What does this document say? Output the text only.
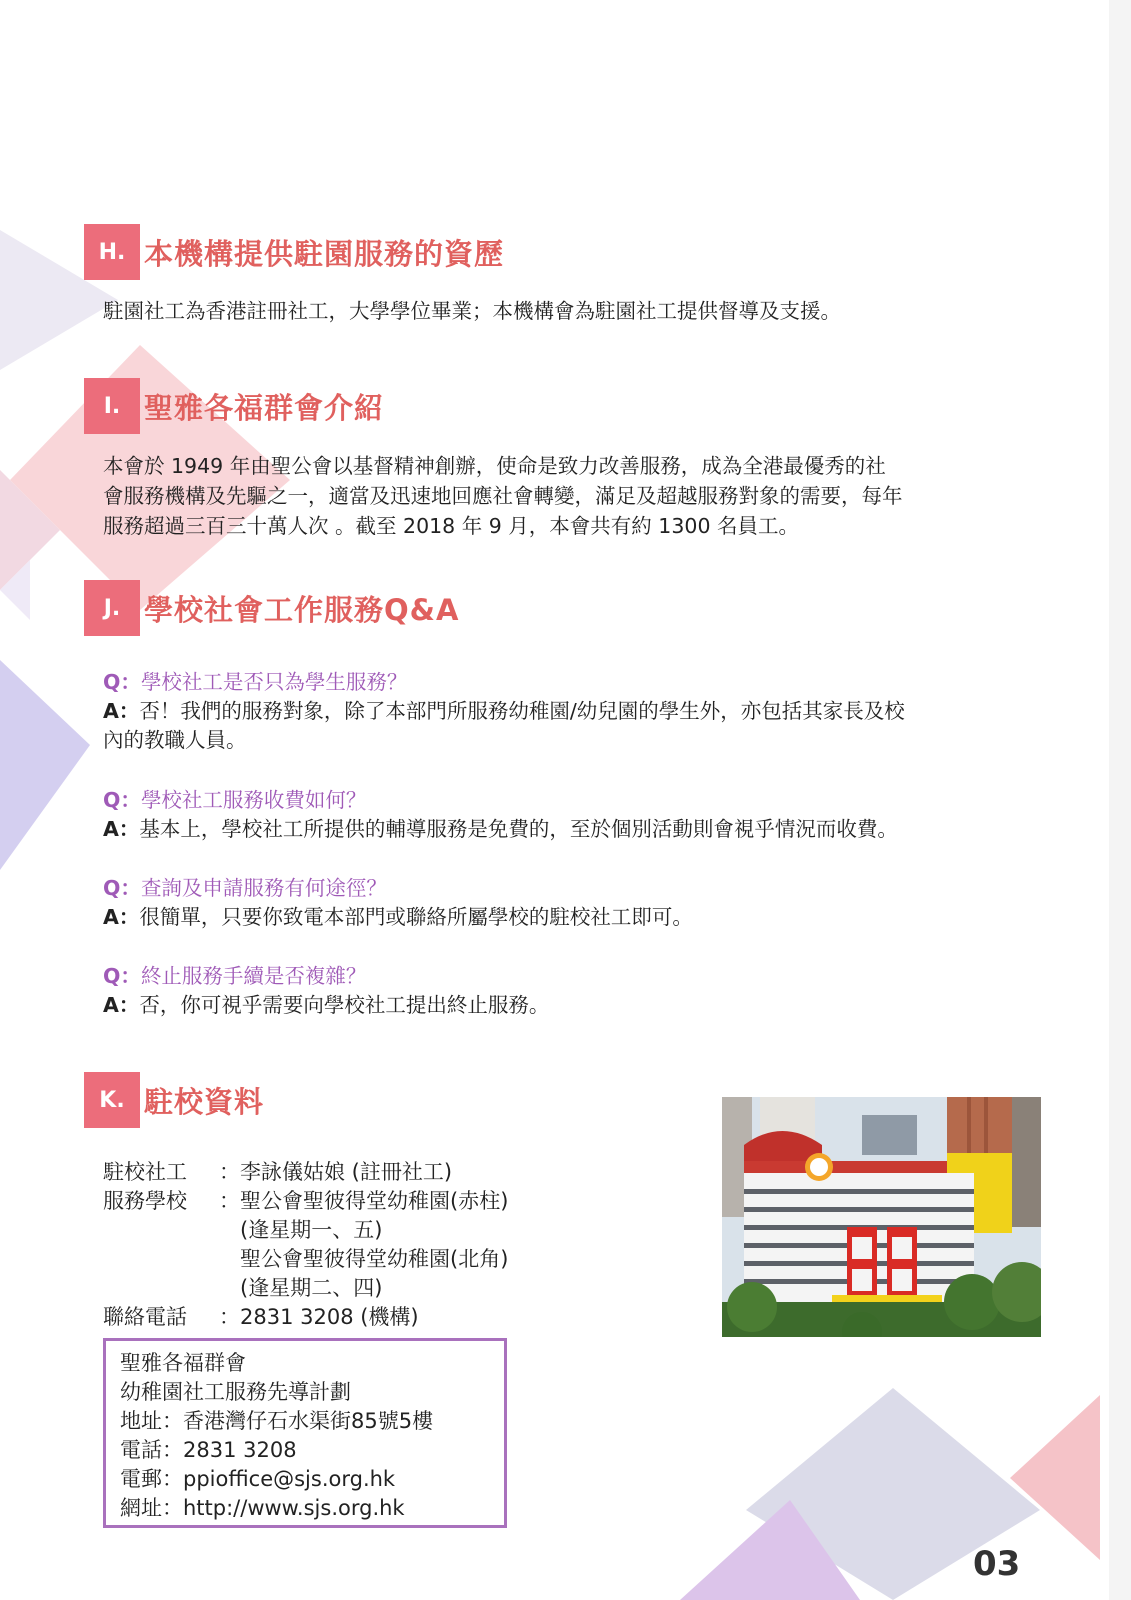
H. 本機構提供駐園服務的資歷
駐園社工為香港註冊社工，大學學位畢業；本機構會為駐園社工提供督導及支援。
I. 聖雅各福群會介紹
本會於 1949 年由聖公會以基督精神創辦，使命是致力改善服務，成為全港最優秀的社
會服務機構及先驅之一，適當及迅速地回應社會轉變，滿足及超越服務對象的需要，每年
服務超過三百三十萬人次 。截至 2018 年 9 月，本會共有約 1300 名員工。
J. 學校社會工作服務Q&A
Q：學校社工是否只為學生服務？
A：否！我們的服務對象，除了本部門所服務幼稚園/幼兒園的學生外，亦包括其家長及校
內的教職人員。
Q：學校社工服務收費如何？
A：基本上，學校社工所提供的輔導服務是免費的，至於個別活動則會視乎情況而收費。
Q：查詢及申請服務有何途徑？
A：很簡單，只要你致電本部門或聯絡所屬學校的駐校社工即可。
Q：終止服務手續是否複雜？
A：否，你可視乎需要向學校社工提出終止服務。
K. 駐校資料
駐校社工	： 李詠儀姑娘 (註冊社工)
服務學校	： 聖公會聖彼得堂幼稚園(赤柱)
(逢星期一、五)
聖公會聖彼得堂幼稚園(北角)
(逢星期二、四)
聯絡電話	： 2831 3208 (機構)
聖雅各福群會
幼稚園社工服務先導計劃
地址：香港灣仔石水渠街85號5樓
電話：2831 3208
電郵：ppioffice@sjs.org.hk
網址：http://www.sjs.org.hk
03
